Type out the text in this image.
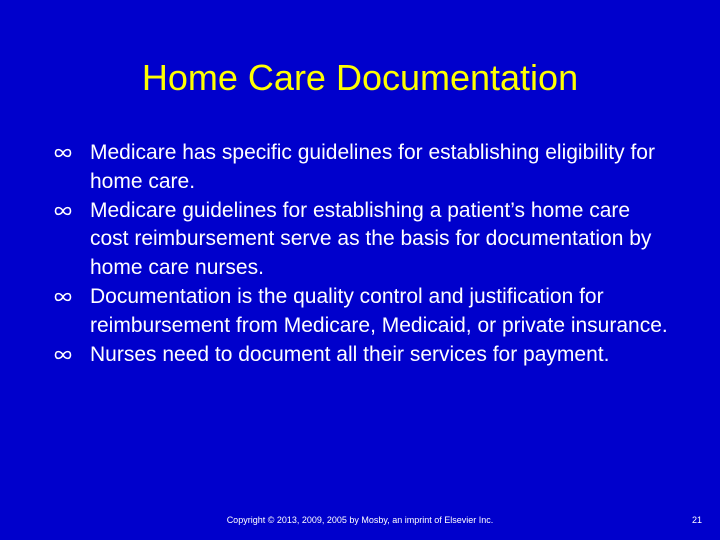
Home Care Documentation
Medicare has specific guidelines for establishing eligibility for home care.
Medicare guidelines for establishing a patient’s home care cost reimbursement serve as the basis for documentation by home care nurses.
Documentation is the quality control and justification for reimbursement from Medicare, Medicaid, or private insurance.
Nurses need to document all their services for payment.
Copyright © 2013, 2009, 2005 by Mosby, an imprint of Elsevier Inc.	21
